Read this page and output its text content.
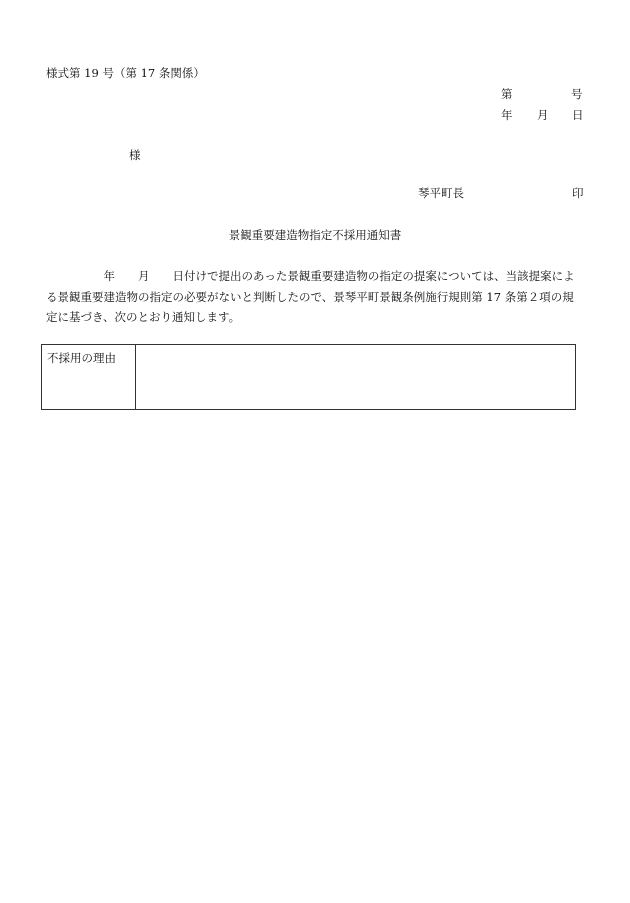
様式第 19 号（第 17 条関係）
第	号
年 月 日
様
琴平町長	印
景観重要建造物指定不採用通知書
　　　　　年　　月　　日付けで提出のあった景観重要建造物の指定の提案については、当該提案によ
る景観重要建造物の指定の必要がないと判断したので、景琴平町景観条例施行規則第 17 条第２項の規
定に基づき、次のとおり通知します。
不採用の理由
